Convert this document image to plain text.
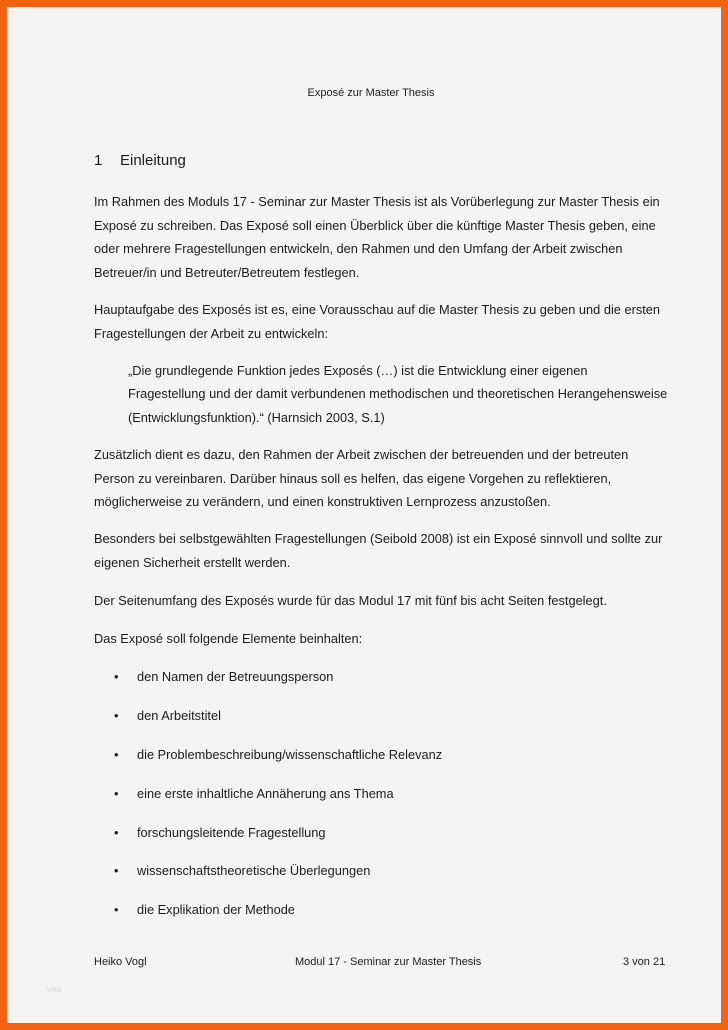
Exposé zur Master Thesis
1 Einleitung

Im Rahmen des Moduls 17 - Seminar zur Master Thesis ist als Vorüberlegung zur Master Thesis ein Exposé zu schreiben. Das Exposé soll einen Überblick über die künftige Master Thesis geben, eine oder mehrere Fragestellungen entwickeln, den Rahmen und den Umfang der Arbeit zwischen Betreuer/in und Betreuter/Betreutem festlegen.

Hauptaufgabe des Exposés ist es, eine Vorausschau auf die Master Thesis zu geben und die ersten Fragestellungen der Arbeit zu entwickeln:

„Die grundlegende Funktion jedes Exposés (…) ist die Entwicklung einer eigenen Fragestellung und der damit verbundenen methodischen und theoretischen Herangehensweise (Entwicklungsfunktion).“ (Harnsich 2003, S.1)

Zusätzlich dient es dazu, den Rahmen der Arbeit zwischen der betreuenden und der betreuten Person zu vereinbaren. Darüber hinaus soll es helfen, das eigene Vorgehen zu reflektieren, möglicherweise zu verändern, und einen konstruktiven Lernprozess anzustoßen.

Besonders bei selbstgewählten Fragestellungen (Seibold 2008) ist ein Exposé sinnvoll und sollte zur eigenen Sicherheit erstellt werden.

Der Seitenumfang des Exposés wurde für das Modul 17 mit fünf bis acht Seiten festgelegt.

Das Exposé soll folgende Elemente beinhalten:

• den Namen der Betreuungsperson
• den Arbeitstitel
• die Problembeschreibung/wissenschaftliche Relevanz
• eine erste inhaltliche Annäherung ans Thema
• forschungsleitende Fragestellung
• wissenschaftstheoretische Überlegungen
• die Explikation der Methode
Heiko Vogl	Modul 17 - Seminar zur Master Thesis	3 von 21
web
